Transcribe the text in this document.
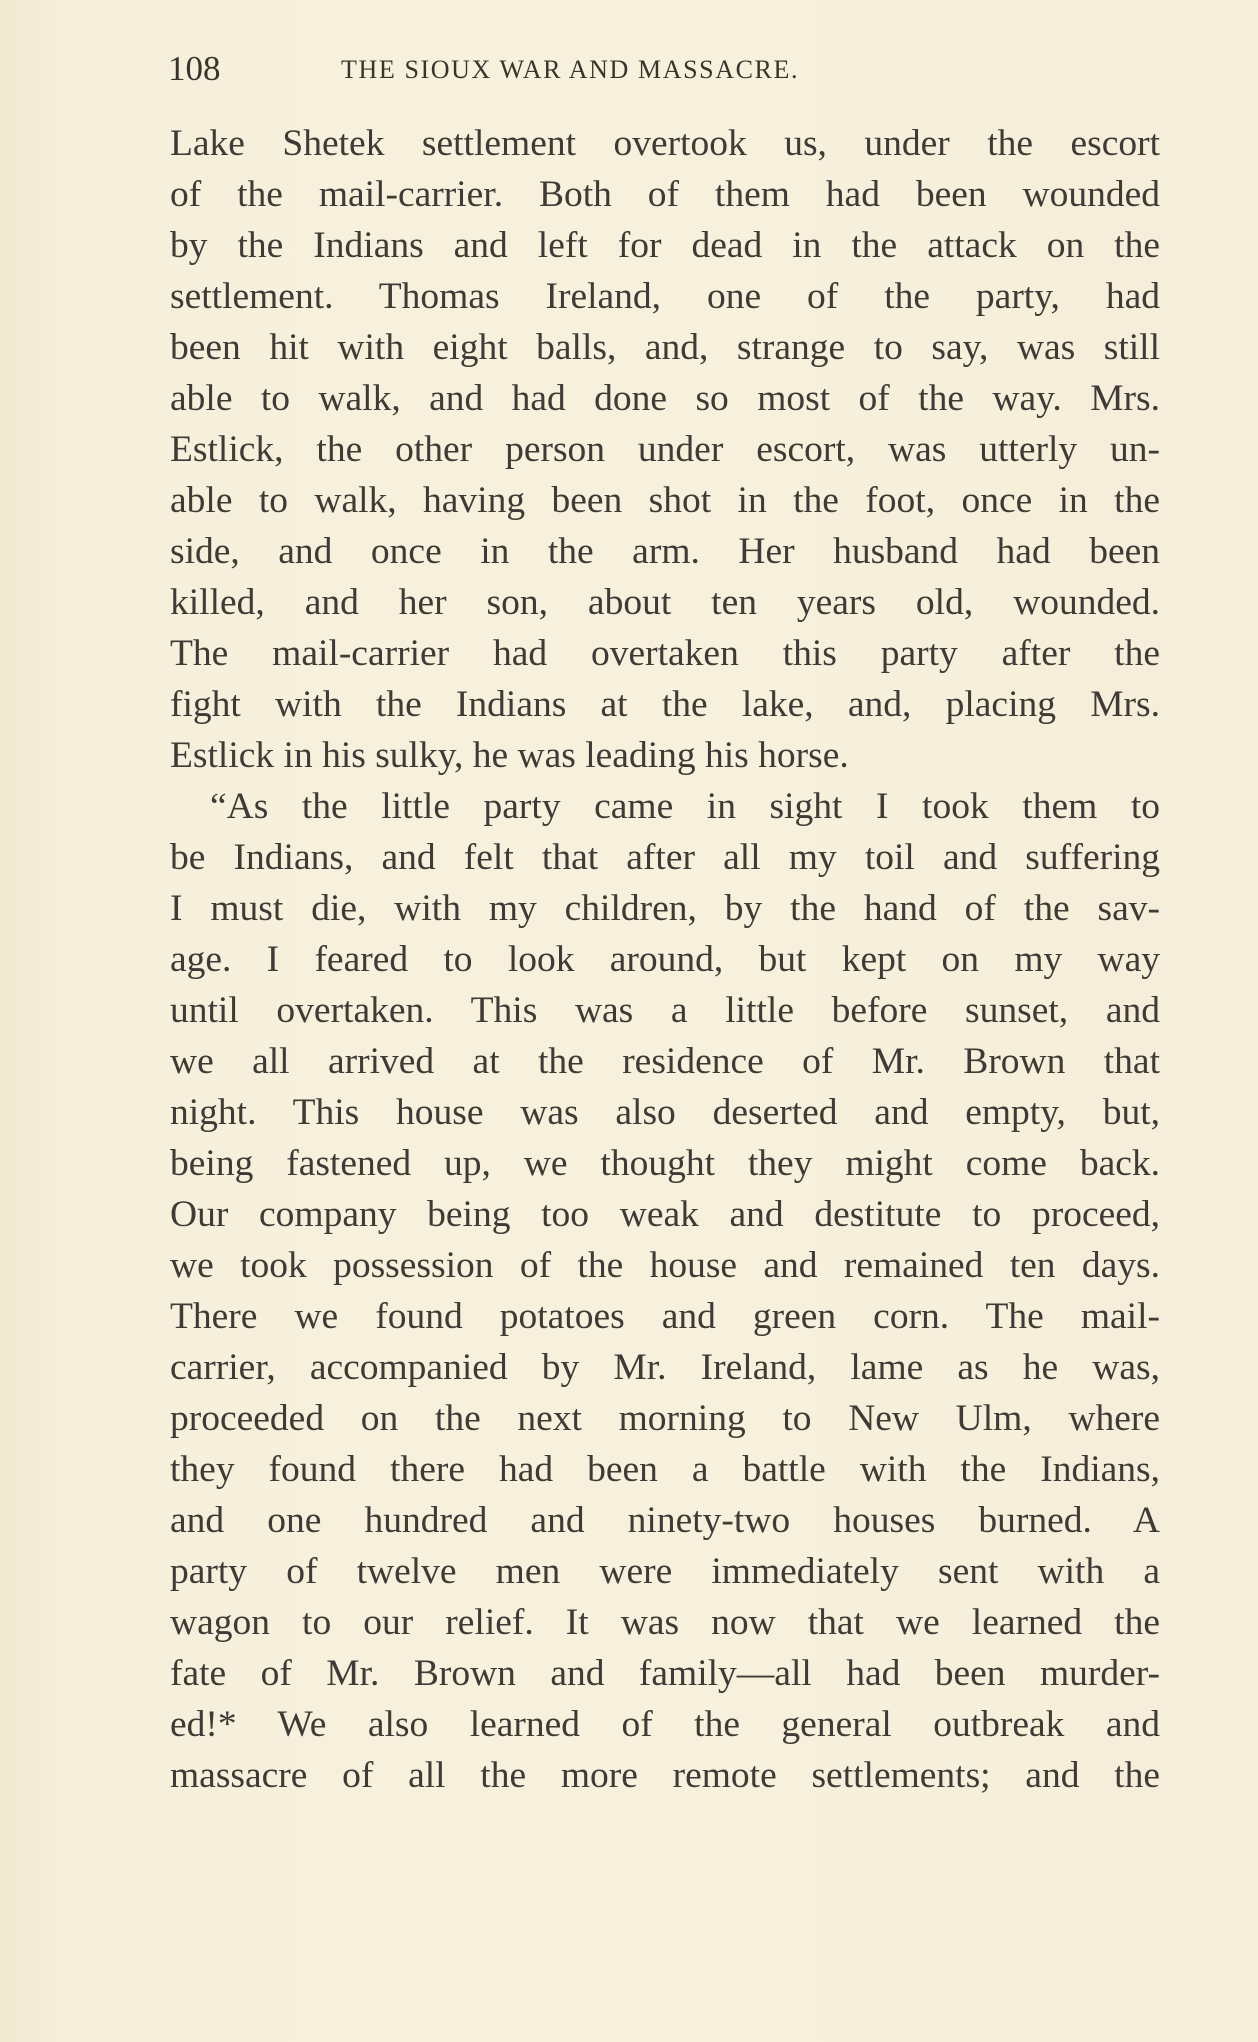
108	THE SIOUX WAR AND MASSACRE.
Lake Shetek settlement overtook us, under the escort
of the mail-carrier. Both of them had been wounded
by the Indians and left for dead in the attack on the
settlement. Thomas Ireland, one of the party, had
been hit with eight balls, and, strange to say, was still
able to walk, and had done so most of the way. Mrs.
Estlick, the other person under escort, was utterly un-
able to walk, having been shot in the foot, once in the
side, and once in the arm. Her husband had been
killed, and her son, about ten years old, wounded.
The mail-carrier had overtaken this party after the
fight with the Indians at the lake, and, placing Mrs.
Estlick in his sulky, he was leading his horse.
“As the little party came in sight I took them to
be Indians, and felt that after all my toil and suffering
I must die, with my children, by the hand of the sav-
age. I feared to look around, but kept on my way
until overtaken. This was a little before sunset, and
we all arrived at the residence of Mr. Brown that
night. This house was also deserted and empty, but,
being fastened up, we thought they might come back.
Our company being too weak and destitute to proceed,
we took possession of the house and remained ten days.
There we found potatoes and green corn. The mail-
carrier, accompanied by Mr. Ireland, lame as he was,
proceeded on the next morning to New Ulm, where
they found there had been a battle with the Indians,
and one hundred and ninety-two houses burned. A
party of twelve men were immediately sent with a
wagon to our relief. It was now that we learned the
fate of Mr. Brown and family—all had been murder-
ed!* We also learned of the general outbreak and
massacre of all the more remote settlements; and the
